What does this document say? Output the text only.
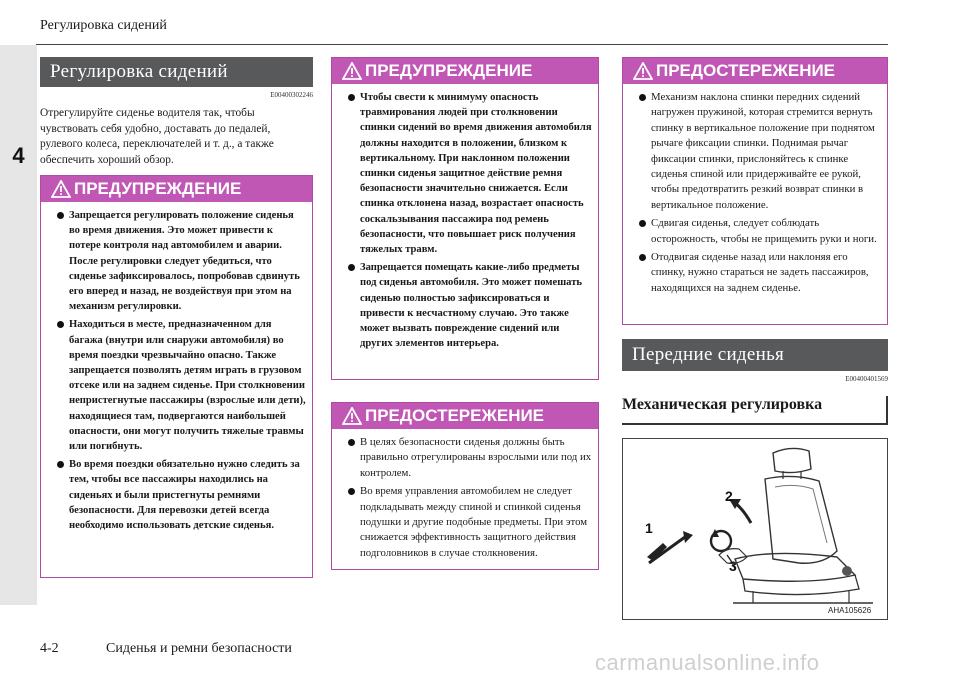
Регулировка сидений
4
Регулировка сидений
E00400302246
Отрегулируйте сиденье водителя так, чтобы чувствовать себя удобно, доставать до педалей, рулевого колеса, переключателей и т. д., а также обеспечить хороший обзор.
ПРЕДУПРЕЖДЕНИЕ
Запрещается регулировать положение сиденья во время движения. Это может привести к потере контроля над автомобилем и аварии. После регулировки следует убедиться, что сиденье зафиксировалось, попробовав сдвинуть его вперед и назад, не воздействуя при этом на механизм регулировки.
Находиться в месте, предназначенном для багажа (внутри или снаружи автомобиля) во время поездки чрезвычайно опасно. Также запрещается позволять детям играть в грузовом отсеке или на заднем сиденье. При столкновении непристегнутые пассажиры (взрослые или дети), находящиеся там, подвергаются наибольшей опасности, они могут получить тяжелые травмы или погибнуть.
Во время поездки обязательно нужно следить за тем, чтобы все пассажиры находились на сиденьях и были пристегнуты ремнями безопасности. Для перевозки детей всегда необходимо использовать детские сиденья.
ПРЕДУПРЕЖДЕНИЕ
Чтобы свести к минимуму опасность травмирования людей при столкновении спинки сидений во время движения автомобиля должны находится в положении, близком к вертикальному. При наклонном положении спинки сиденья защитное действие ремня безопасности значительно снижается. Если спинка отклонена назад, возрастает опасность соскальзывания пассажира под ремень безопасности, что повышает риск получения тяжелых травм.
Запрещается помещать какие-либо предметы под сиденья автомобиля. Это может помешать сиденью полностью зафиксироваться и привести к несчастному случаю. Это также может вызвать повреждение сидений или других элементов интерьера.
ПРЕДОСТЕРЕЖЕНИЕ
В целях безопасности сиденья должны быть правильно отрегулированы взрослыми или под их контролем.
Во время управления автомобилем не следует подкладывать между спиной и спинкой сиденья подушки и другие подобные предметы. При этом снижается эффективность защитного действия подголовников в случае столкновения.
ПРЕДОСТЕРЕЖЕНИЕ
Механизм наклона спинки передних сидений нагружен пружиной, которая стремится вернуть спинку в вертикальное положение при поднятом рычаге фиксации спинки. Поднимая рычаг фиксации спинки, прислоняйтесь к спинке сиденья спиной или придерживайте ее рукой, чтобы предотвратить резкий возврат спинки в вертикальное положение.
Сдвигая сиденья, следует соблюдать осторожность, чтобы не прищемить руки и ноги.
Отодвигая сиденье назад или наклоняя его спинку, нужно стараться не задеть пассажиров, находящихся на заднем сиденье.
Передние сиденья
E00400401569
Механическая регулировка
1
2
3
AHA105626
4-2	Сиденья и ремни безопасности
carmanualsonline.info
